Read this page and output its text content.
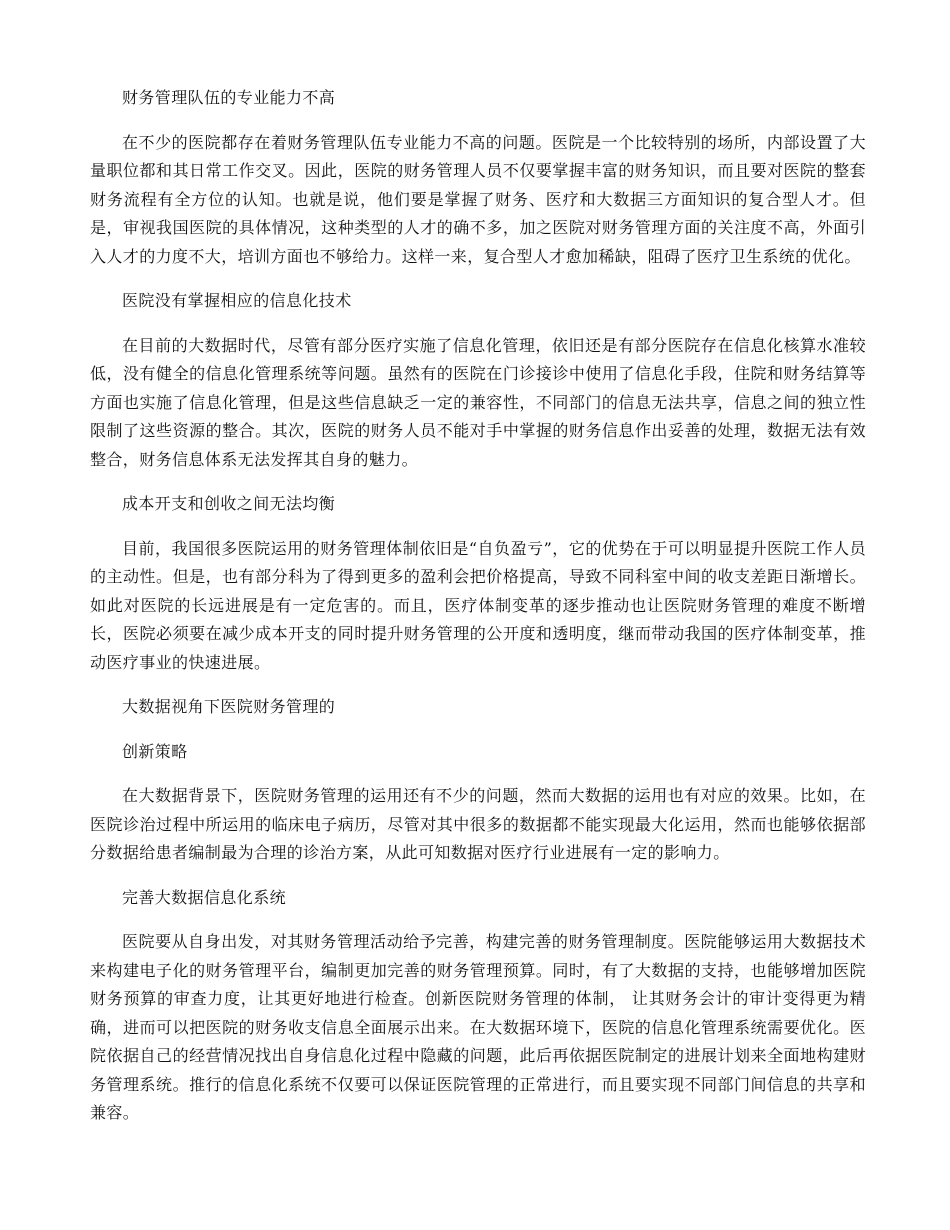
财务管理队伍的专业能力不高

在不少的医院都存在着财务管理队伍专业能力不高的问题。医院是一个比较特别的场所，内部设置了大量职位都和其日常工作交叉。因此，医院的财务管理人员不仅要掌握丰富的财务知识，而且要对医院的整套财务流程有全方位的认知。也就是说，他们要是掌握了财务、医疗和大数据三方面知识的复合型人才。但是，审视我国医院的具体情况，这种类型的人才的确不多，加之医院对财务管理方面的关注度不高，外面引入人才的力度不大，培训方面也不够给力。这样一来，复合型人才愈加稀缺，阻碍了医疗卫生系统的优化。

医院没有掌握相应的信息化技术

在目前的大数据时代，尽管有部分医疗实施了信息化管理，依旧还是有部分医院存在信息化核算水准较低，没有健全的信息化管理系统等问题。虽然有的医院在门诊接诊中使用了信息化手段，住院和财务结算等方面也实施了信息化管理，但是这些信息缺乏一定的兼容性，不同部门的信息无法共享，信息之间的独立性限制了这些资源的整合。其次，医院的财务人员不能对手中掌握的财务信息作出妥善的处理，数据无法有效整合，财务信息体系无法发挥其自身的魅力。

成本开支和创收之间无法均衡

目前，我国很多医院运用的财务管理体制依旧是“自负盈亏”，它的优势在于可以明显提升医院工作人员的主动性。但是，也有部分科为了得到更多的盈利会把价格提高，导致不同科室中间的收支差距日渐增长。如此对医院的长远进展是有一定危害的。而且，医疗体制变革的逐步推动也让医院财务管理的难度不断增长，医院必须要在减少成本开支的同时提升财务管理的公开度和透明度，继而带动我国的医疗体制变革，推动医疗事业的快速进展。

大数据视角下医院财务管理的

创新策略

在大数据背景下，医院财务管理的运用还有不少的问题，然而大数据的运用也有对应的效果。比如，在医院诊治过程中所运用的临床电子病历，尽管对其中很多的数据都不能实现最大化运用，然而也能够依据部分数据给患者编制最为合理的诊治方案，从此可知数据对医疗行业进展有一定的影响力。

完善大数据信息化系统

医院要从自身出发，对其财务管理活动给予完善，构建完善的财务管理制度。医院能够运用大数据技术来构建电子化的财务管理平台，编制更加完善的财务管理预算。同时，有了大数据的支持，也能够增加医院财务预算的审查力度，让其更好地进行检查。创新医院财务管理的体制， 让其财务会计的审计变得更为精确，进而可以把医院的财务收支信息全面展示出来。在大数据环境下，医院的信息化管理系统需要优化。医院依据自己的经营情况找出自身信息化过程中隐藏的问题，此后再依据医院制定的进展计划来全面地构建财务管理系统。推行的信息化系统不仅要可以保证医院管理的正常进行，而且要实现不同部门间信息的共享和兼容。
